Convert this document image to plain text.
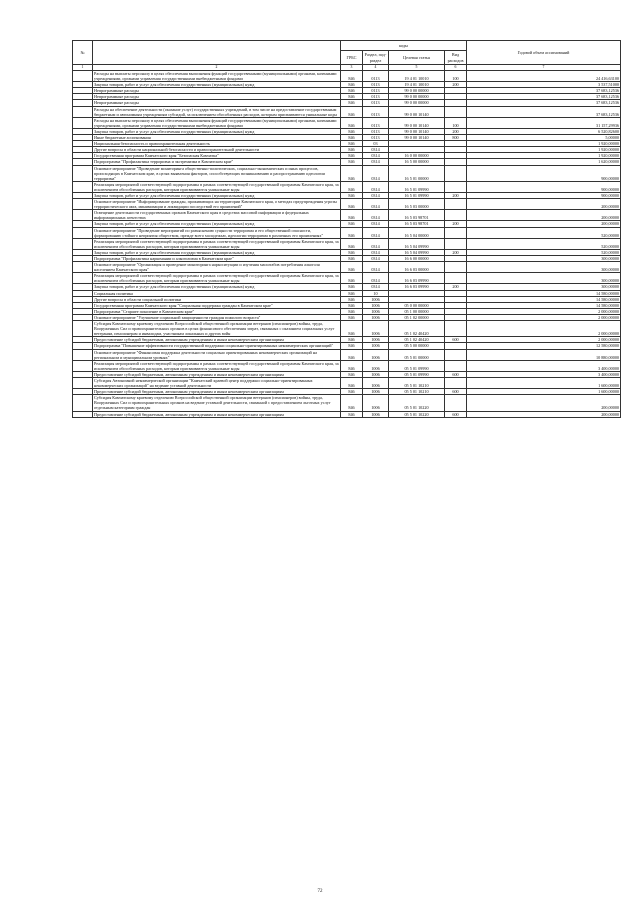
№		коды				Годовой объем ассигнований
		ГРБС	Раздел, под-раздел	Целевая статья	Вид расходов	
1	2	3	4	5	6	7
	Расходы на выплаты персоналу в целях обеспечения выполнения функций государственными (муниципальными) органами, казенными учреждениями, органами управления государственными внебюджетными фондами	846	0113	19 4 01 10010	100	24 416,63100
	Закупка товаров, работ и услуг для обеспечения государственных (муниципальных) нужд	846	0113	19 4 01 10010	200	3 537,51000
	Непрограммные расходы	846	0113	99 0 00 00000		37 683,12536
	Непрограммные расходы	846	0113	99 0 00 00000		37 683,12536
	Непрограммные расходы	846	0113	99 0 00 00000		37 683,12536
	Расходы на обеспечение деятельности (оказание услуг) государственных учреждений, в том числе на предоставление государственным бюджетным и автономным учреждениям субсидий, за исключением обособленных расходов, которым присваиваются уникальные коды	846	0113	99 0 00 10140		37 683,12536
	Расходы на выплаты персоналу в целях обеспечения выполнения функций государственными (муниципальными) органами, казенными учреждениями, органами управления государственными внебюджетными фондами	846	0113	99 0 00 10140	100	31 157,29936
	Закупка товаров, работ и услуг для обеспечения государственных (муниципальных) нужд	846	0113	99 0 00 10140	200	6 520,82600
	Иные бюджетные ассигнования	846	0113	99 0 00 10140	800	5,00000
	Национальная безопасность и правоохранительная деятельность	846	03			1 920,00000
	Другие вопросы в области национальной безопасности и правоохранительной деятельности	846	0314			1 920,00000
	Государственная программа Камчатского края "Безопасная Камчатка"	846	0314	16 0 00 00000		1 920,00000
	Подпрограмма "Профилактика терроризма и экстремизма в Камчатском крае"	846	0314	16 5 00 00000		1 620,00000
	Основное мероприятие "Проведение мониторинга общественно-политических, социально-экономических и иных процессов, происходящих в Камчатском крае, в целях выявления факторов, способствующих возникновению и распространению идеологии терроризма"	846	0314	16 5 01 00000		900,00000
	Реализация мероприятий соответствующей подпрограммы в рамках соответствующей государственной программы Камчатского края, за исключением обособленных расходов, которым присваиваются уникальные коды	846	0314	16 5 01 09990		900,00000
	Закупка товаров, работ и услуг для обеспечения государственных (муниципальных) нужд	846	0314	16 5 01 09990	200	900,00000
	Основное мероприятие "Информирование граждан, проживающих на территории Камчатского края, о методах предупреждения угрозы террористического акта, минимизации и ликвидации последствий его проявлений"	846	0314	16 5 03 00000		200,00000
	Освещение деятельности государственных органов Камчатского края в средствах массовой информации и федеральных информационных агентствах	846	0314	16 5 03 98701		200,00000
	Закупка товаров, работ и услуг для обеспечения государственных (муниципальных) нужд	846	0314	16 5 03 98701	200	200,00000
	Основное мероприятие "Проведение мероприятий по разъяснению сущности терроризма и его общественной опасности, формированию стойкого неприятия обществом, прежде всего молодежью, идеологии терроризма в различных его проявлениях"	846	0314	16 5 04 00000		520,00000
	Реализация мероприятий соответствующей подпрограммы в рамках соответствующей государственной программы Камчатского края, за исключением обособленных расходов, которым присваиваются уникальные коды	846	0314	16 5 04 09990		520,00000
	Закупка товаров, работ и услуг для обеспечения государственных (муниципальных) нужд	846	0314	16 5 04 09990	200	520,00000
	Подпрограмма "Профилактика наркомании и алкоголизма в Камчатском крае"	846	0314	16 6 00 00000		300,00000
	Основное мероприятие "Организация и проведение мониторинга наркоситуации и изучения масштабов потребления алкоголя населением Камчатского края"	846	0314	16 6 03 00000		300,00000
	Реализация мероприятий соответствующей подпрограммы в рамках соответствующей государственной программы Камчатского края, за исключением обособленных расходов, которым присваиваются уникальные коды	846	0314	16 6 03 09990		300,00000
	Закупка товаров, работ и услуг для обеспечения государственных (муниципальных) нужд	846	0314	16 6 03 09990	200	300,00000
	Социальная политика	846	10			14 580,00000
	Другие вопросы в области социальной политики	846	1006			14 580,00000
	Государственная программа Камчатского края "Социальная поддержка граждан в Камчатском крае"	846	1006	05 0 00 00000		14 580,00000
	Подпрограмма "Старшее поколение в Камчатском крае"	846	1006	05 1 00 00000		2 000,00000
	Основное мероприятие "Улучшение социальной защищенности граждан пожилого возраста"	846	1006	05 1 02 00000		2 000,00000
	Субсидия Камчатскому краевому отделению Всероссийской общественной организации ветеранов (пенсионеров) войны, труда, Вооруженных Сил и правоохранительных органов в целях финансового обеспечения затрат, связанных с оказанием социальных услуг ветеранам, пенсионерам и инвалидам, участникам локальных и других войн	846	1006	05 1 02 40420		2 000,00000
	Предоставление субсидий бюджетным, автономным учреждениям и иным некоммерческим организациям	846	1006	05 1 02 40420	600	2 000,00000
	Подпрограмма "Повышение эффективности государственной поддержки социально-ориентированных некоммерческих организаций"	846	1006	05 5 00 00000		12 580,00000
	Основное мероприятие "Финансовая поддержка деятельности социально ориентированных некоммерческих организаций на региональном и муниципальном уровнях"	846	1006	05 5 01 00000		10 880,00000
	Реализация мероприятий соответствующей подпрограммы в рамках соответствующей государственной программы Камчатского края, за исключением обособленных расходов, которым присваиваются уникальные коды	846	1006	05 5 01 09990		3 400,00000
	Предоставление субсидий бюджетным, автономным учреждениям и иным некоммерческим организациям	846	1006	05 5 01 09990	600	3 400,00000
	Субсидия Автономной некоммерческой организации "Камчатский краевой центр поддержки социально-ориентированных некоммерческих организаций" на ведение уставной деятельности	846	1006	05 5 01 10210		1 600,00000
	Предоставление субсидий бюджетным, автономным учреждениям и иным некоммерческим организациям	846	1006	05 5 01 10210	600	1 600,00000
	Субсидия Камчатскому краевому отделению Всероссийской общественной организации ветеранов (пенсионеров) войны, труда, Вооруженных Сил и правоохранительных органов на ведение уставной деятельности, связанной с предоставлением льготных услуг отдельным категориям граждан	846	1006	05 5 01 10220		200,00000
	Предоставление субсидий бюджетным, автономным учреждениям и иным некоммерческим организациям	846	1006	05 5 01 10220	600	200,00000
72
